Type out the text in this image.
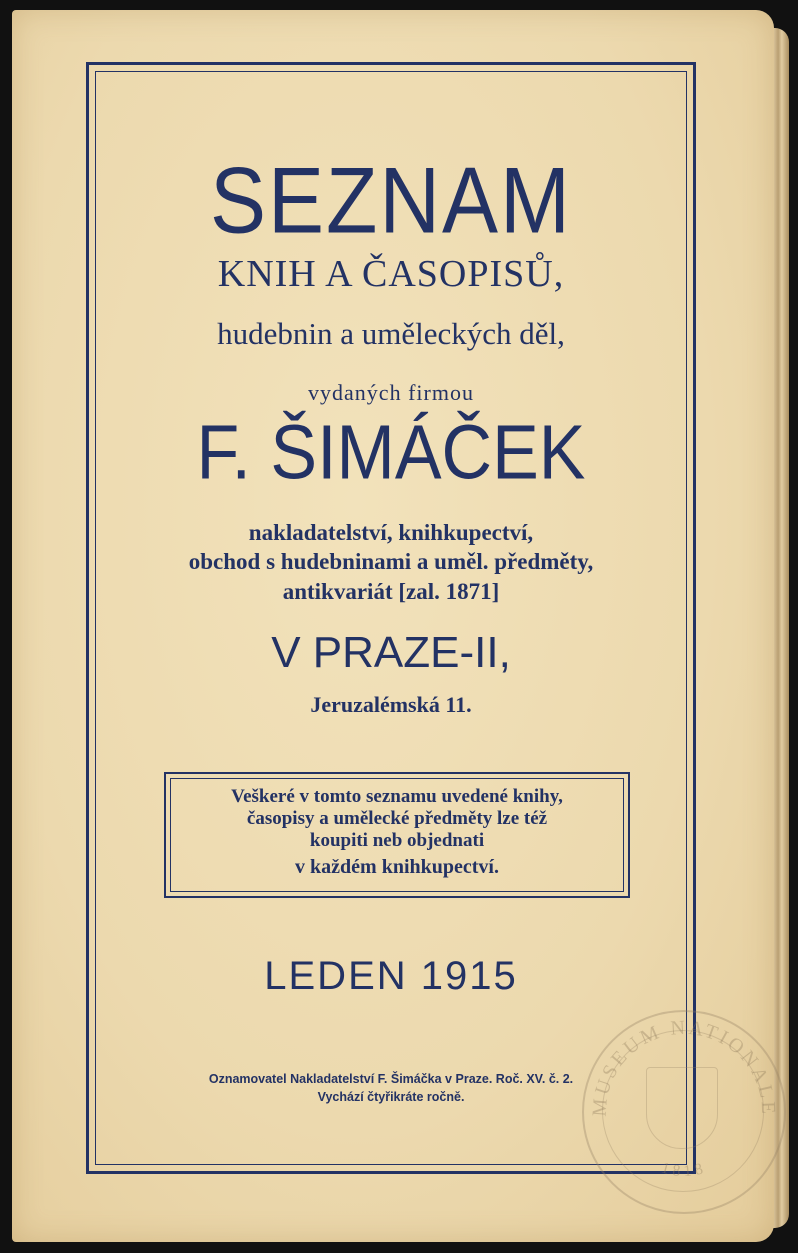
SEZNAM
KNIH A ČASOPISŮ,
hudebnin a uměleckých děl,
vydaných firmou
F. ŠIMÁČEK
nakladatelství, knihkupectví,
obchod s hudebninami a uměl. předměty,
antikvariát [zal. 1871]
V PRAZE-II,
Jeruzalémská 11.
Veškeré v tomto seznamu uvedené knihy,
časopisy a umělecké předměty lze též
koupiti neb objednati
v každém knihkupectví.
LEDEN 1915
Oznamovatel Nakladatelství F. Šimáčka v Praze. Roč. XV. č. 2.
Vychází čtyřikráte ročně.	MUSEUM NATIONALE
1818
